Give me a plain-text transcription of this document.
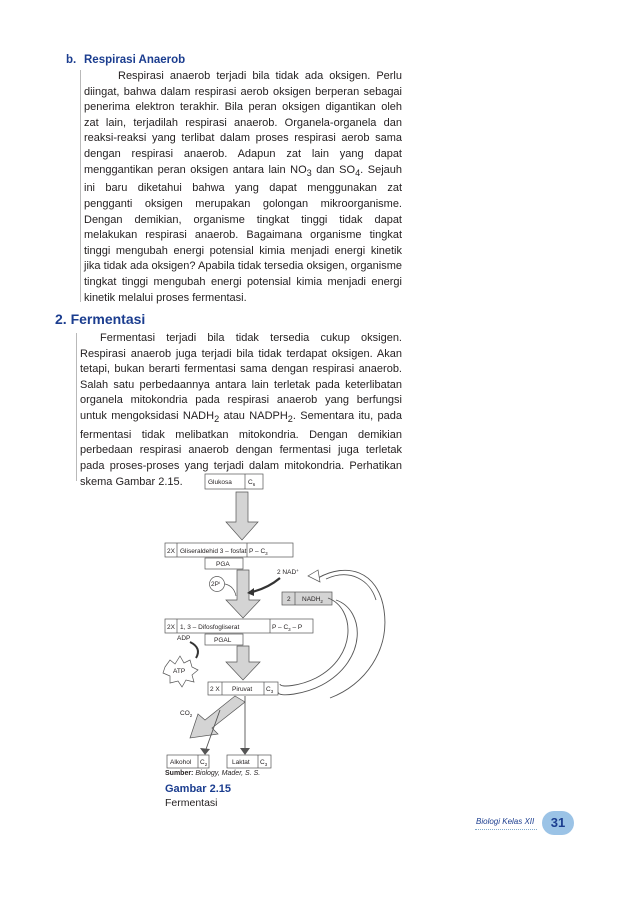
b. Respirasi Anaerob
Respirasi anaerob terjadi bila tidak ada oksigen. Perlu diingat, bahwa dalam respirasi aerob oksigen berperan sebagai penerima elektron terakhir. Bila peran oksigen digantikan oleh zat lain, terjadilah respirasi anaerob. Organela-organela dan reaksi-reaksi yang terlibat dalam proses respirasi aerob sama dengan respirasi anaerob. Adapun zat lain yang dapat menggantikan peran oksigen antara lain $NO_3$ dan $SO_4$. Sejauh ini baru diketahui bahwa yang dapat menggunakan zat pengganti oksigen merupakan golongan mikroorganisme. Dengan demikian, organisme tingkat tinggi tidak dapat melakukan respirasi anaerob. Bagaimana organisme tingkat tinggi mengubah energi potensial kimia menjadi energi kinetik jika tidak ada oksigen? Apabila tidak tersedia oksigen, organisme tingkat tinggi mengubah energi potensial kimia menjadi energi kinetik melalui proses fermentasi.
2. Fermentasi
Fermentasi terjadi bila tidak tersedia cukup oksigen. Respirasi anaerob juga terjadi bila tidak terdapat oksigen. Akan tetapi, bukan berarti fermentasi sama dengan respirasi anaerob. Salah satu perbedaannya antara lain terletak pada keterlibatan organela mitokondria pada respirasi anaerob yang berfungsi untuk mengoksidasi $NADH_2$ atau $NADPH_2$. Sementara itu, pada fermentasi tidak melibatkan mitokondria. Dengan demikian perbedaan respirasi anaerob dengan fermentasi juga terletak pada proses-proses yang terjadi dalam mitokondria. Perhatikan skema Gambar 2.15.	Glukosa $C_6$
2X Gliseraldehid 3 – fosfat P – $C_3$
PGA
$2P^i$
2 NAD+
2 $NADH_2$
2X 1, 3 – Difosfogliserat	P – $C_3$ – P
PGAL
ADP
ATP
2 X Piruvat $C_3$
$CO_2$
Alkohol $C_2$	Laktat $C_3$
Sumber: Biology, Mader, S. S.
Gambar 2.15
Fermentasi
Biologi Kelas XII	31
